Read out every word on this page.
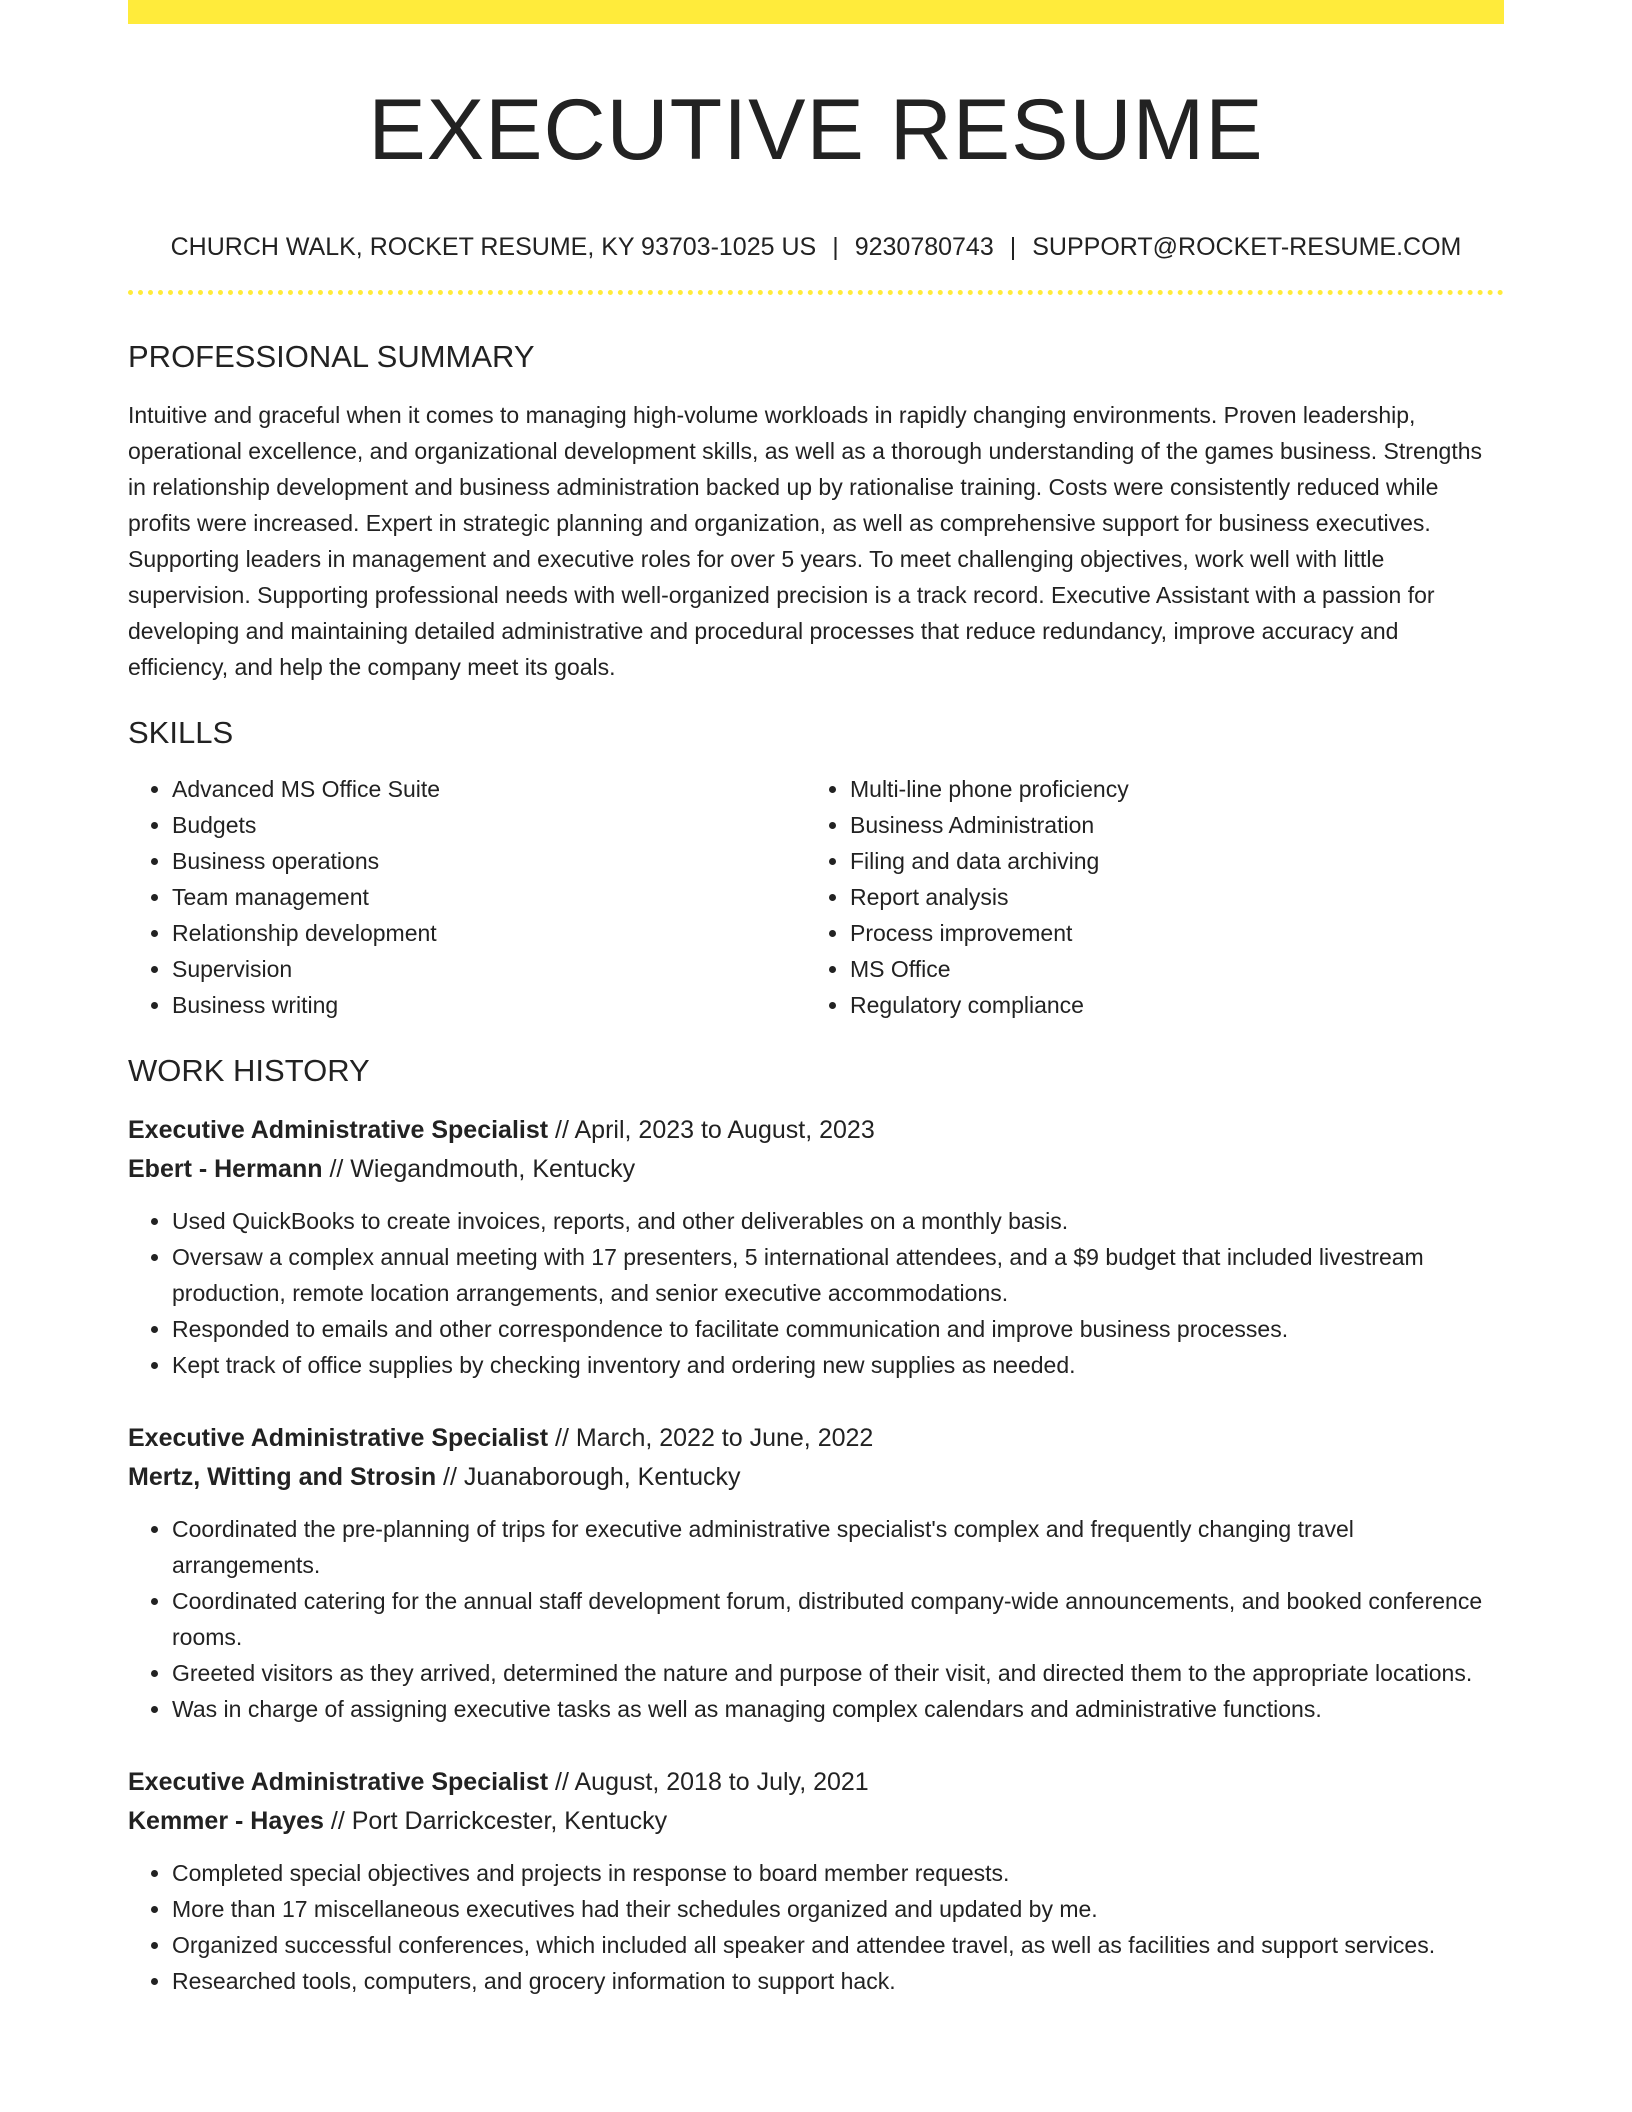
EXECUTIVE RESUME
CHURCH WALK, ROCKET RESUME, KY 93703-1025 US | 9230780743 | SUPPORT@ROCKET-RESUME.COM
PROFESSIONAL SUMMARY

Intuitive and graceful when it comes to managing high-volume workloads in rapidly changing environments. Proven leadership, operational excellence, and organizational development skills, as well as a thorough understanding of the games business. Strengths in relationship development and business administration backed up by rationalise training. Costs were consistently reduced while profits were increased. Expert in strategic planning and organization, as well as comprehensive support for business executives. Supporting leaders in management and executive roles for over 5 years. To meet challenging objectives, work well with little supervision. Supporting professional needs with well-organized precision is a track record. Executive Assistant with a passion for developing and maintaining detailed administrative and procedural processes that reduce redundancy, improve accuracy and efficiency, and help the company meet its goals.

SKILLS
• Advanced MS Office Suite
• Budgets
• Business operations
• Team management
• Relationship development
• Supervision
• Business writing
• Multi-line phone proficiency
• Business Administration
• Filing and data archiving
• Report analysis
• Process improvement
• MS Office
• Regulatory compliance
WORK HISTORY
Executive Administrative Specialist // April, 2023 to August, 2023
Ebert - Hermann // Wiegandmouth, Kentucky
• Used QuickBooks to create invoices, reports, and other deliverables on a monthly basis.
• Oversaw a complex annual meeting with 17 presenters, 5 international attendees, and a $9 budget that included livestream production, remote location arrangements, and senior executive accommodations.
• Responded to emails and other correspondence to facilitate communication and improve business processes.
• Kept track of office supplies by checking inventory and ordering new supplies as needed.
Executive Administrative Specialist // March, 2022 to June, 2022
Mertz, Witting and Strosin // Juanaborough, Kentucky
• Coordinated the pre-planning of trips for executive administrative specialist's complex and frequently changing travel arrangements.
• Coordinated catering for the annual staff development forum, distributed company-wide announcements, and booked conference rooms.
• Greeted visitors as they arrived, determined the nature and purpose of their visit, and directed them to the appropriate locations.
• Was in charge of assigning executive tasks as well as managing complex calendars and administrative functions.
Executive Administrative Specialist // August, 2018 to July, 2021
Kemmer - Hayes // Port Darrickcester, Kentucky
• Completed special objectives and projects in response to board member requests.
• More than 17 miscellaneous executives had their schedules organized and updated by me.
• Organized successful conferences, which included all speaker and attendee travel, as well as facilities and support services.
• Researched tools, computers, and grocery information to support hack.
